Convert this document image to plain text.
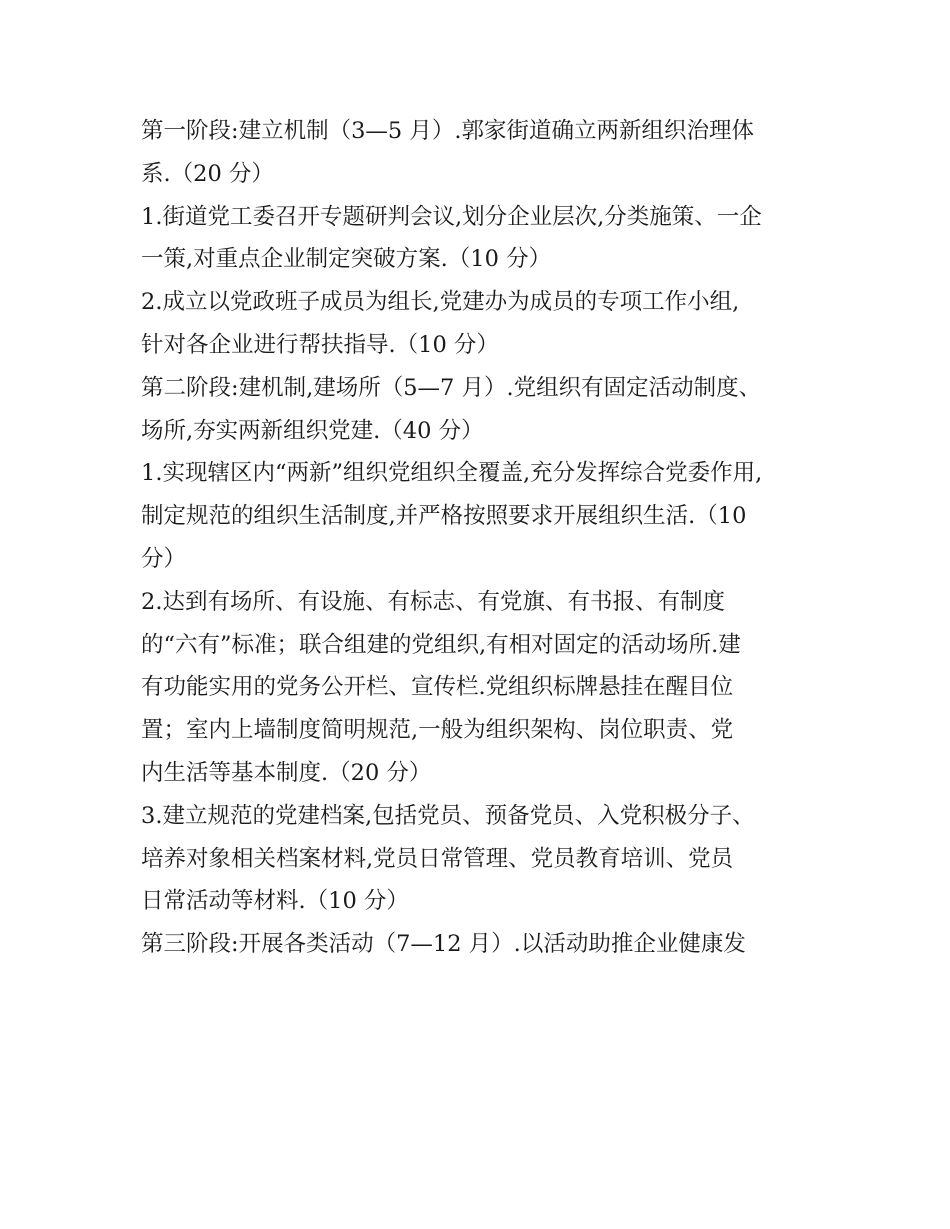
第一阶段:建立机制（3—5 月）.郭家街道确立两新组织治理体
系.（20 分）
1.街道党工委召开专题研判会议,划分企业层次,分类施策、一企
一策,对重点企业制定突破方案.（10 分）
2.成立以党政班子成员为组长,党建办为成员的专项工作小组,
针对各企业进行帮扶指导.（10 分）
第二阶段:建机制,建场所（5—7 月）.党组织有固定活动制度、
场所,夯实两新组织党建.（40 分）
1.实现辖区内“两新”组织党组织全覆盖,充分发挥综合党委作用,
制定规范的组织生活制度,并严格按照要求开展组织生活.（10
分）
2.达到有场所、有设施、有标志、有党旗、有书报、有制度
的“六有”标准；联合组建的党组织,有相对固定的活动场所.建
有功能实用的党务公开栏、宣传栏.党组织标牌悬挂在醒目位
置；室内上墙制度简明规范,一般为组织架构、岗位职责、党
内生活等基本制度.（20 分）
3.建立规范的党建档案,包括党员、预备党员、入党积极分子、
培养对象相关档案材料,党员日常管理、党员教育培训、党员
日常活动等材料.（10 分）
第三阶段:开展各类活动（7—12 月）.以活动助推企业健康发
